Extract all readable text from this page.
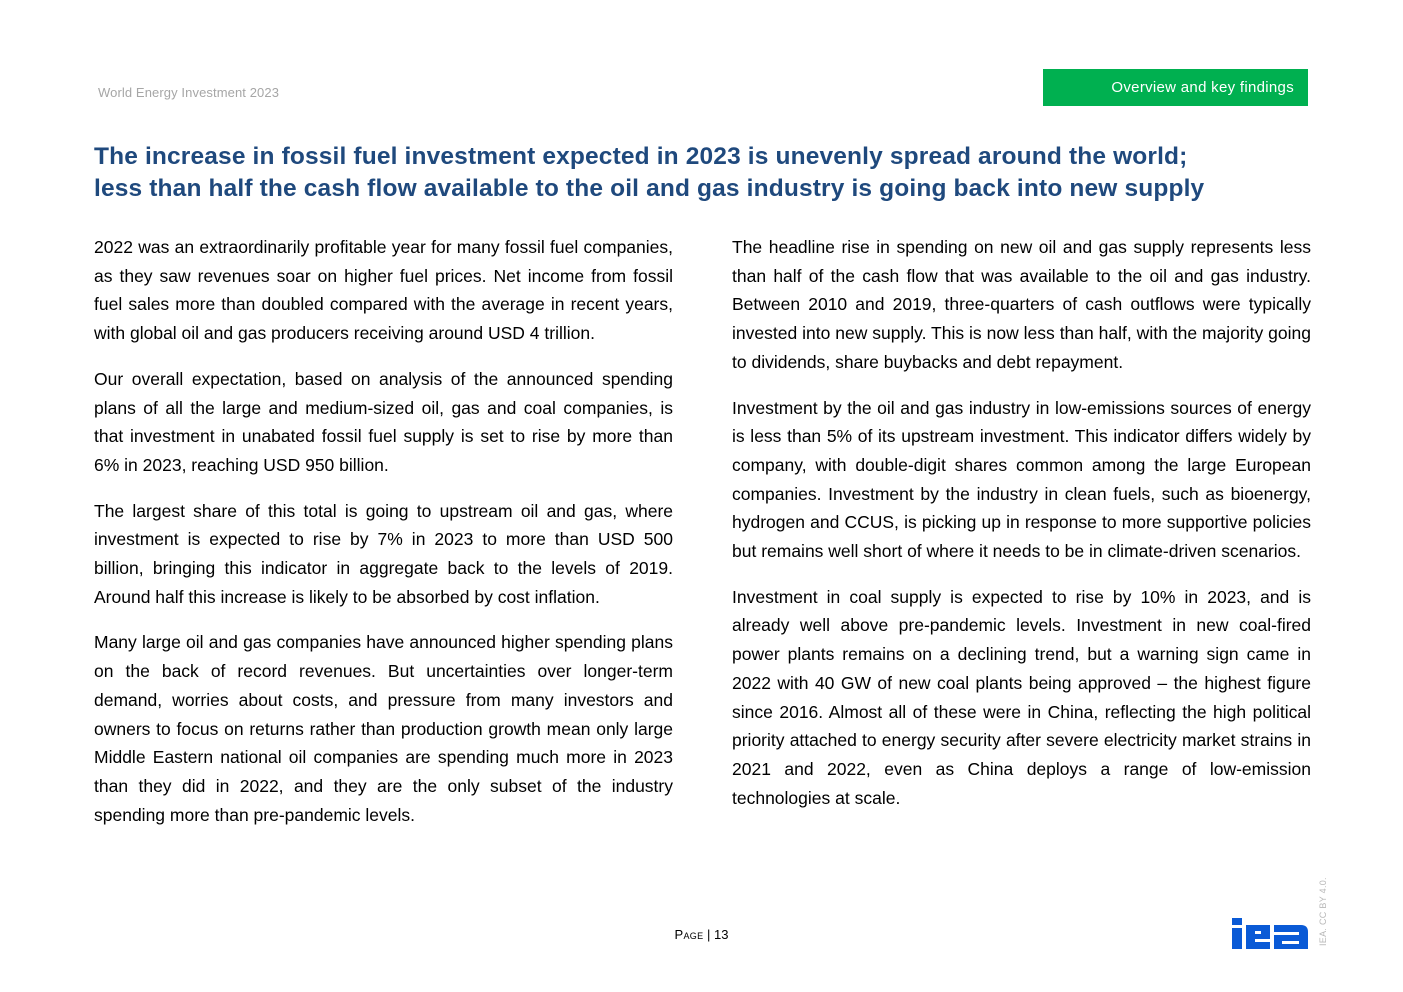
World Energy Investment 2023	Overview and key findings
The increase in fossil fuel investment expected in 2023 is unevenly spread around the world;
less than half the cash flow available to the oil and gas industry is going back into new supply

2022 was an extraordinarily profitable year for many fossil fuel companies, as they saw revenues soar on higher fuel prices. Net income from fossil fuel sales more than doubled compared with the average in recent years, with global oil and gas producers receiving around USD 4 trillion.

Our overall expectation, based on analysis of the announced spending plans of all the large and medium-sized oil, gas and coal companies, is that investment in unabated fossil fuel supply is set to rise by more than 6% in 2023, reaching USD 950 billion.

The largest share of this total is going to upstream oil and gas, where investment is expected to rise by 7% in 2023 to more than USD 500 billion, bringing this indicator in aggregate back to the levels of 2019. Around half this increase is likely to be absorbed by cost inflation.

Many large oil and gas companies have announced higher spending plans on the back of record revenues. But uncertainties over longer-term demand, worries about costs, and pressure from many investors and owners to focus on returns rather than production growth mean only large Middle Eastern national oil companies are spending much more in 2023 than they did in 2022, and they are the only subset of the industry spending more than pre-pandemic levels.

The headline rise in spending on new oil and gas supply represents less than half of the cash flow that was available to the oil and gas industry. Between 2010 and 2019, three-quarters of cash outflows were typically invested into new supply. This is now less than half, with the majority going to dividends, share buybacks and debt repayment.

Investment by the oil and gas industry in low-emissions sources of energy is less than 5% of its upstream investment. This indicator differs widely by company, with double-digit shares common among the large European companies. Investment by the industry in clean fuels, such as bioenergy, hydrogen and CCUS, is picking up in response to more supportive policies but remains well short of where it needs to be in climate-driven scenarios.

Investment in coal supply is expected to rise by 10% in 2023, and is already well above pre-pandemic levels. Investment in new coal-fired power plants remains on a declining trend, but a warning sign came in 2022 with 40 GW of new coal plants being approved – the highest figure since 2016. Almost all of these were in China, reflecting the high political priority attached to energy security after severe electricity market strains in 2021 and 2022, even as China deploys a range of low-emission technologies at scale.

Page | 13	IEA. CC BY 4.0.
